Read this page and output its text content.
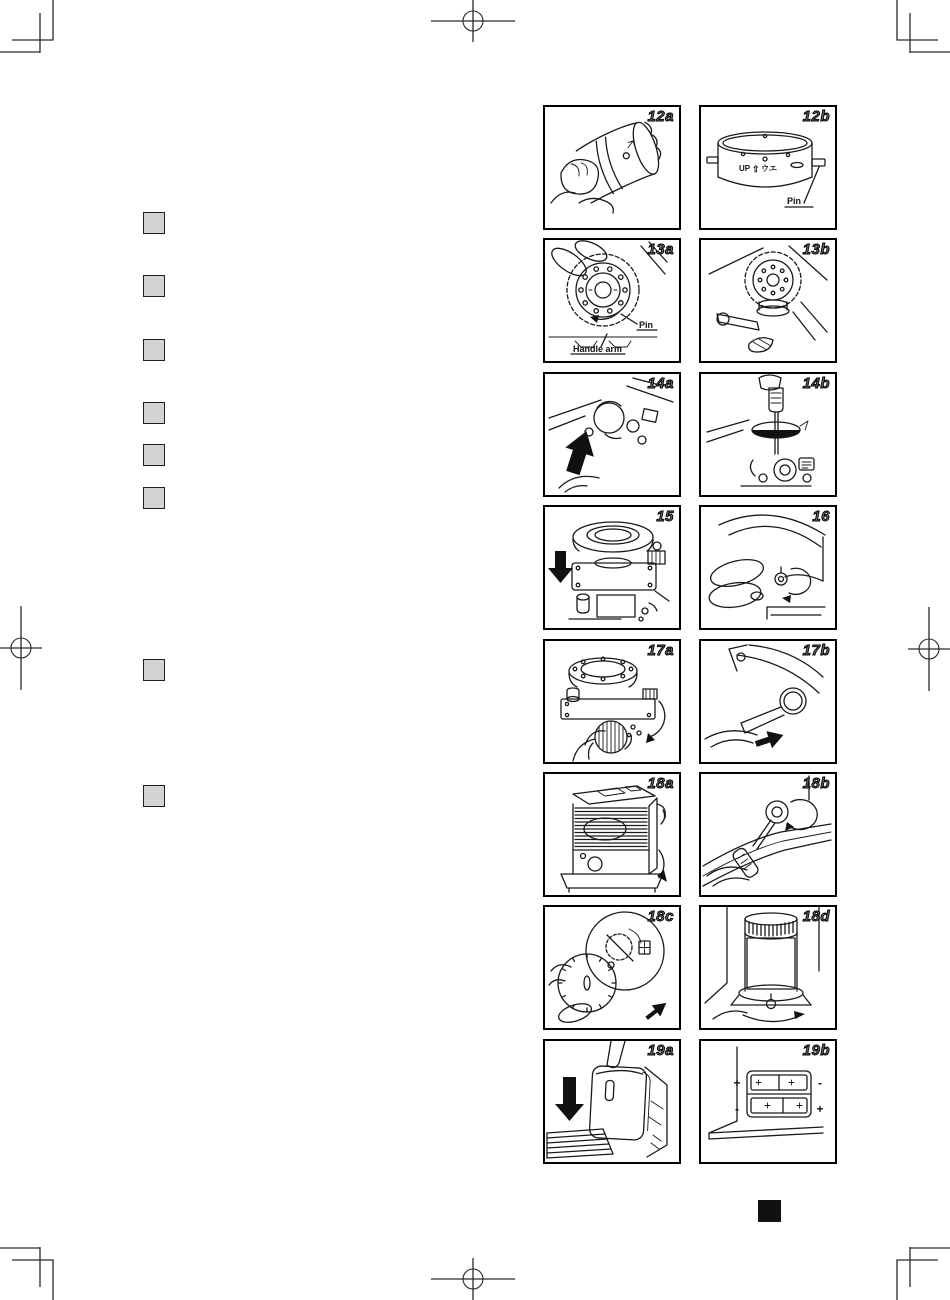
12a
UP ⇧ ウエ
Pin
12b
Pin
Handle arm
13a	13b
14a	14b
15	16
17a	17b
18a	18b
18c	18d
19a
+	-
-	+
19b
